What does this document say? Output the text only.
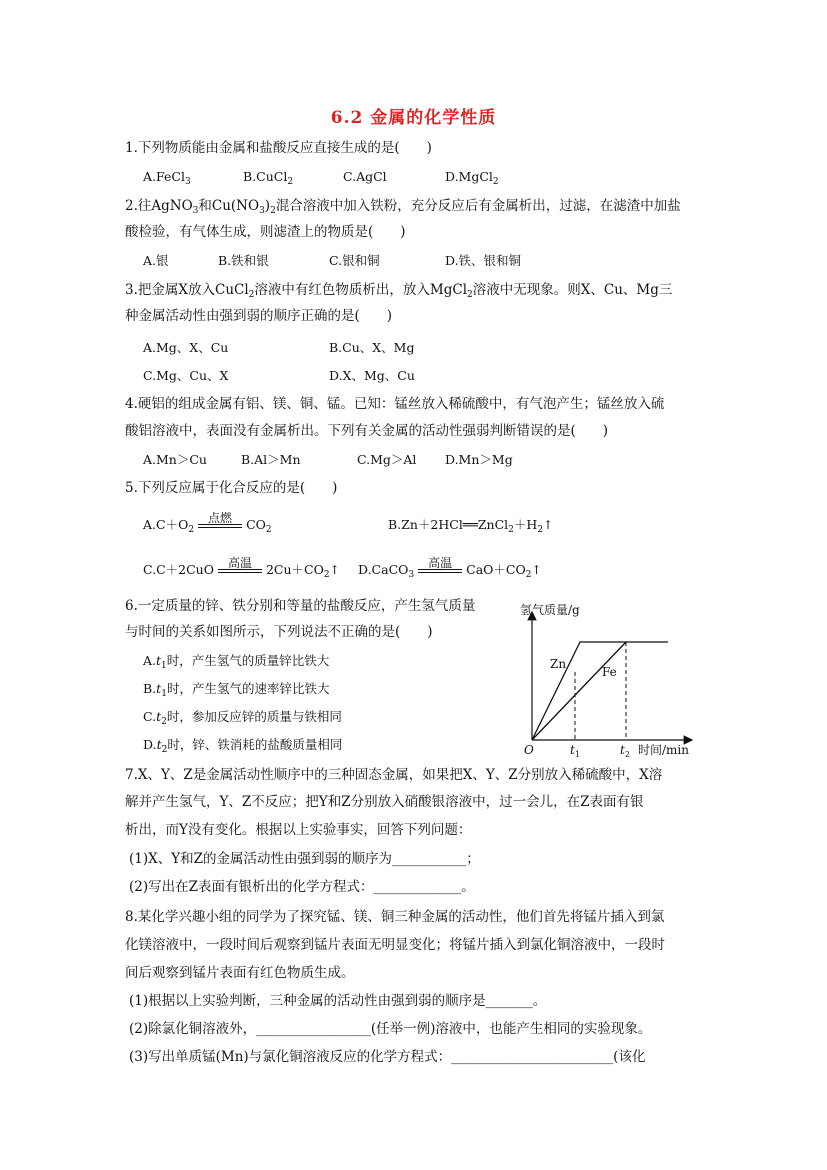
6.2 金属的化学性质
1.下列物质能由金属和盐酸反应直接生成的是(　　)
A.FeCl$_3$	B.CuCl$_2$	C.AgCl	D.MgCl$_2$
2.往AgNO$_3$和$Cu(NO_3)_2$混合溶液中加入铁粉，充分反应后有金属析出，过滤，在滤渣中加盐
酸检验，有气体生成，则滤渣上的物质是(　　)
A.银	B.铁和银	C.银和铜	D.铁、银和铜
3.把金属X放入CuCl$_2$溶液中有红色物质析出，放入MgCl$_2$溶液中无现象。则X、Cu、Mg三
种金属活动性由强到弱的顺序正确的是(　　)
A.Mg、X、Cu	B.Cu、X、Mg
C.Mg、Cu、X	D.X、Mg、Cu
4.硬铝的组成金属有铝、镁、铜、锰。已知：锰丝放入稀硫酸中，有气泡产生；锰丝放入硫
酸铝溶液中，表面没有金属析出。下列有关金属的活动性强弱判断错误的是(　　)
A.Mn＞Cu	B.Al＞Mn	C.Mg＞Al D.Mn＞Mg
5.下列反应属于化合反应的是(　　)
$A.C+O_2$
点燃	$CO_2$	$B.Zn+2HCl══ZnCl_2+H_2↑$
C.C＋2CuO	高温	$2Cu+CO_2↑$ D.CaCO$_3$
高温	$CaO+CO_2↑$
6.一定质量的锌、铁分别和等量的盐酸反应，产生氢气质量
与时间的关系如图所示，下列说法不正确的是(　　)
$A.t_1$时，产生氢气的质量锌比铁大
$B.t_1$时，产生氢气的速率锌比铁大
$C.t_2$时，参加反应锌的质量与铁相同
$D.t_2$时，锌、铁消耗的盐酸质量相同
氢气质量/g
Zn
Fe
O	$t_1$	$t_2$ 时间/min
7.X、Y、Z是金属活动性顺序中的三种固态金属，如果把X、Y、Z分别放入稀硫酸中，X溶
解并产生氢气，Y、Z不反应；把Y和Z分别放入硝酸银溶液中，过一会儿，在Z表面有银
析出，而Y没有变化。根据以上实验事实，回答下列问题：
(1)X、Y和Z的金属活动性由强到弱的顺序为___________；
(2)写出在Z表面有银析出的化学方程式：_____________。
8.某化学兴趣小组的同学为了探究锰、镁、铜三种金属的活动性，他们首先将锰片插入到氯
化镁溶液中，一段时间后观察到锰片表面无明显变化；将锰片插入到氯化铜溶液中，一段时
间后观察到锰片表面有红色物质生成。
(1)根据以上实验判断，三种金属的活动性由强到弱的顺序是_______。
(2)除氯化铜溶液外，_________________(任举一例)溶液中，也能产生相同的实验现象。
(3)写出单质锰(Mn)与氯化铜溶液反应的化学方程式：________________________(该化
